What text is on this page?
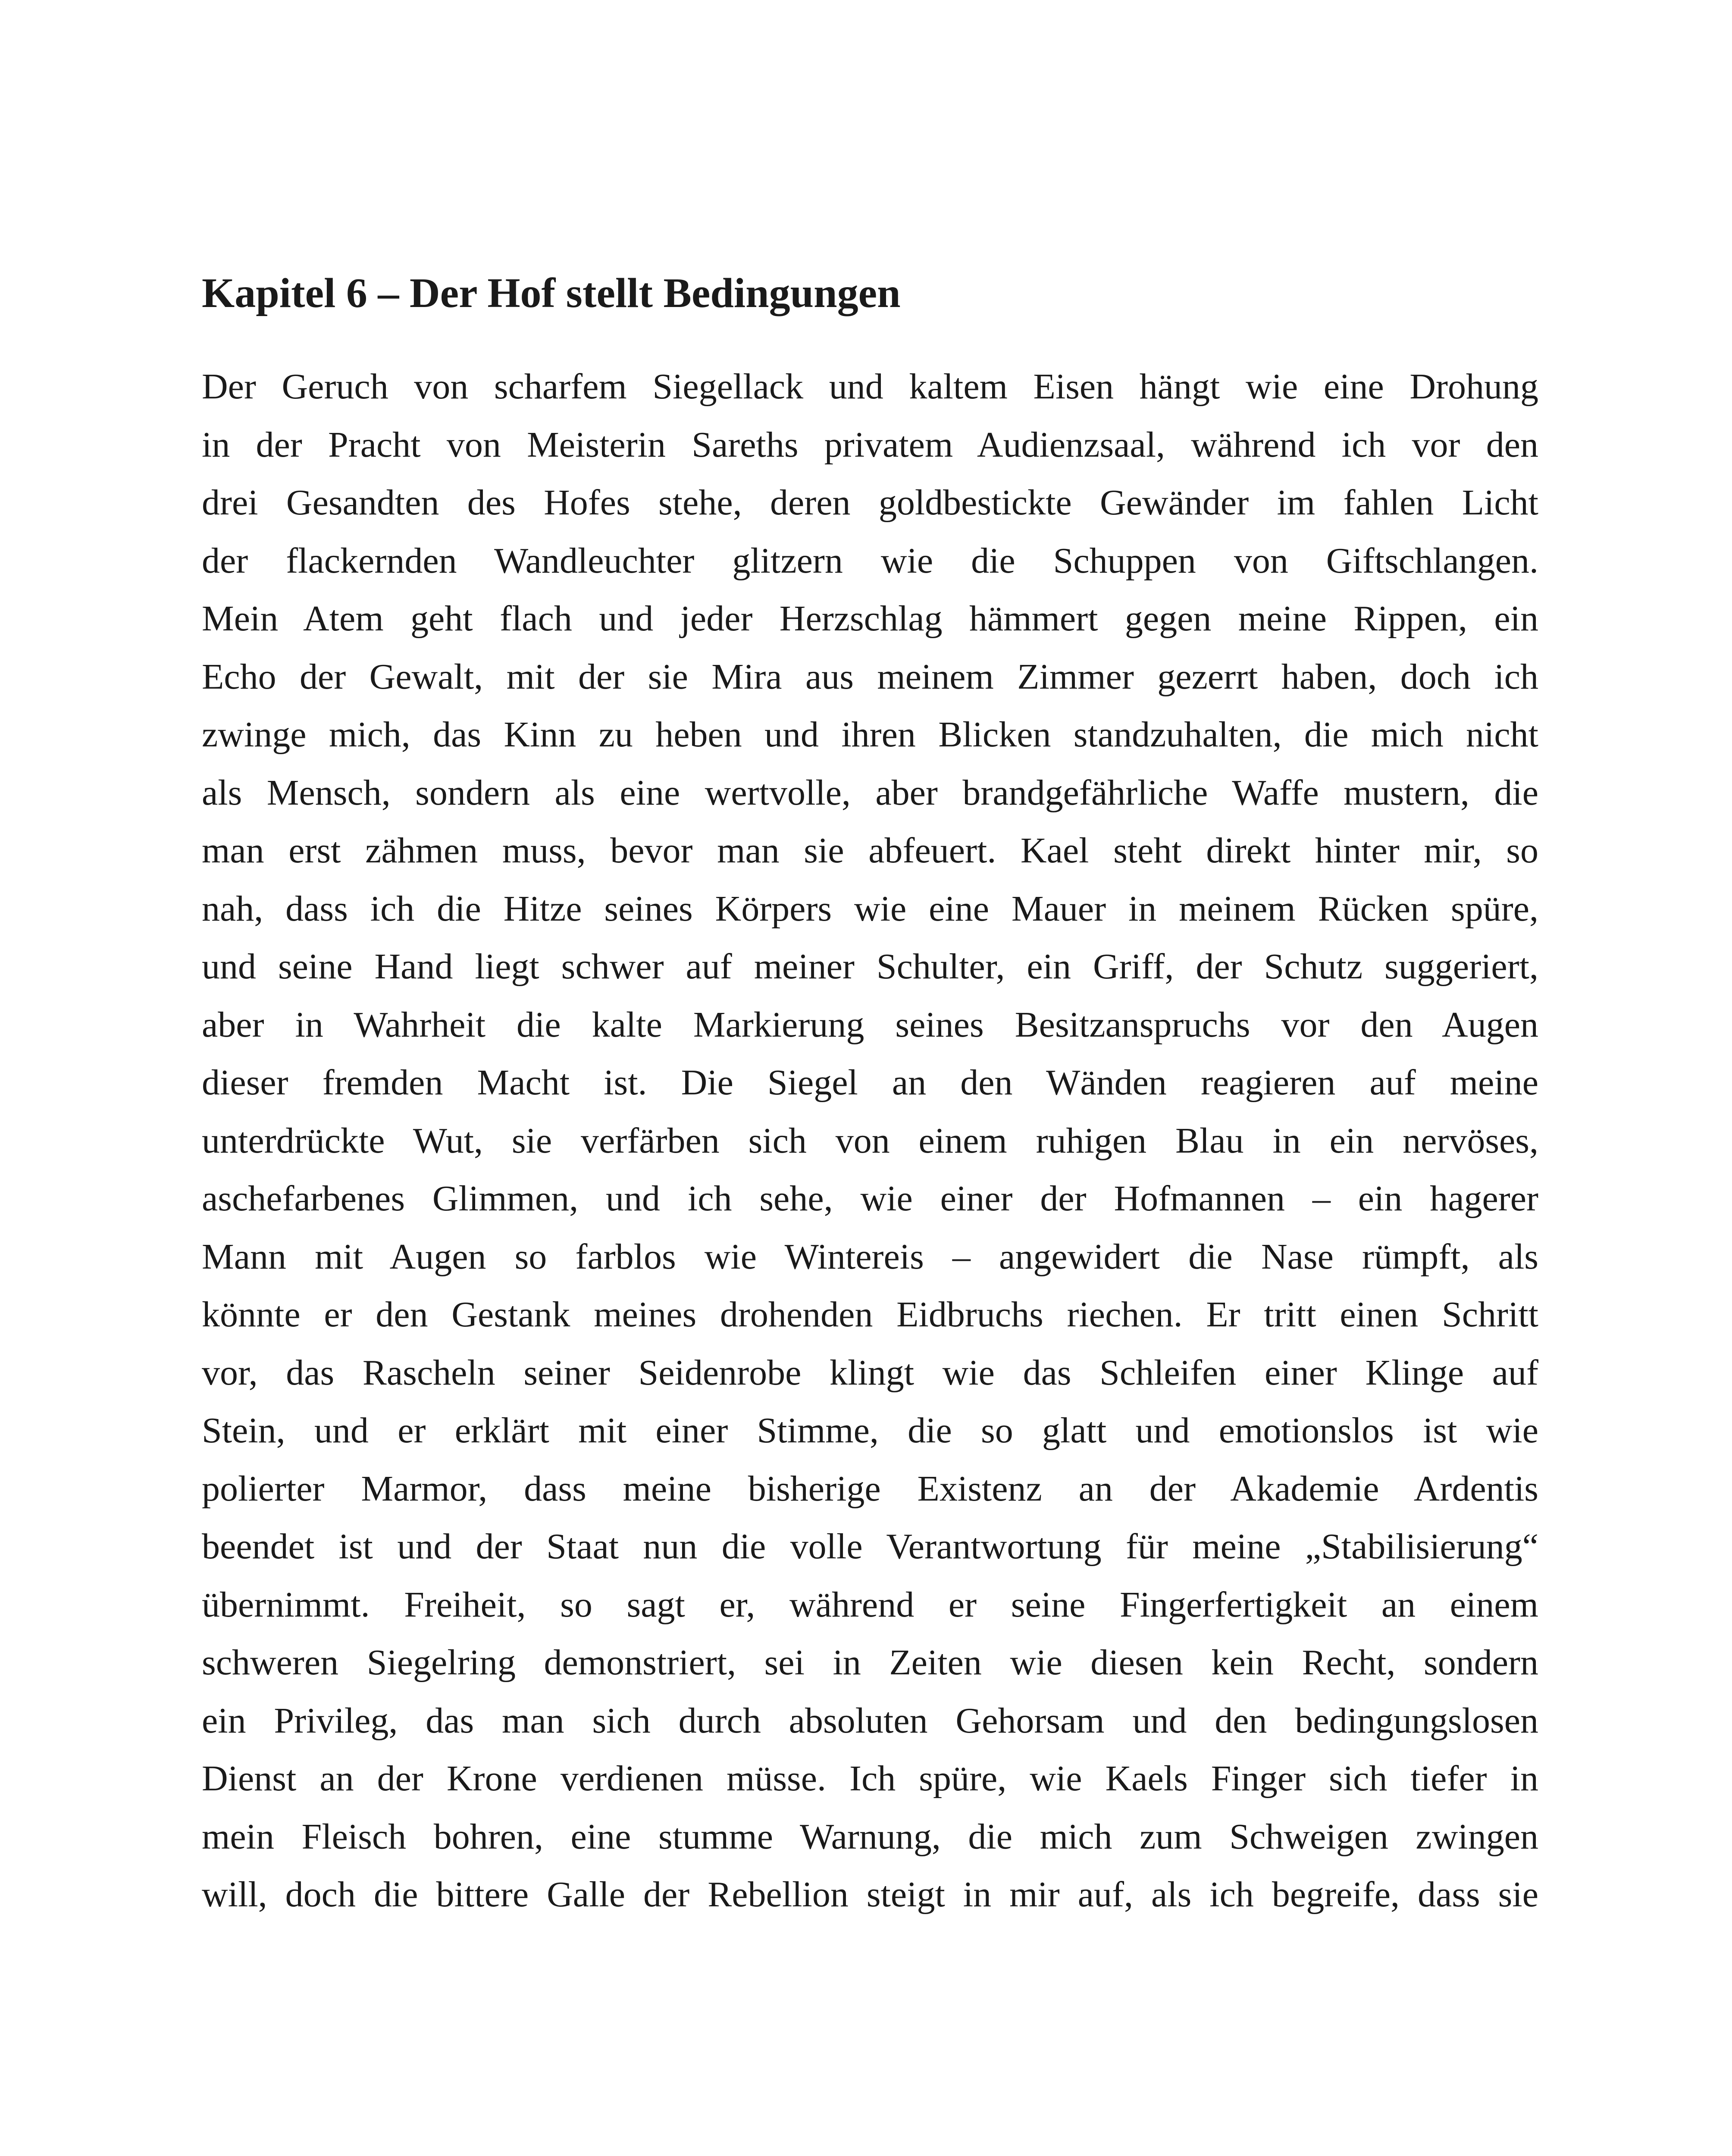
Kapitel 6 – Der Hof stellt Bedingungen
Der Geruch von scharfem Siegellack und kaltem Eisen hängt wie eine Drohung
in der Pracht von Meisterin Sareths privatem Audienzsaal, während ich vor den
drei Gesandten des Hofes stehe, deren goldbestickte Gewänder im fahlen Licht
der flackernden Wandleuchter glitzern wie die Schuppen von Giftschlangen.
Mein Atem geht flach und jeder Herzschlag hämmert gegen meine Rippen, ein
Echo der Gewalt, mit der sie Mira aus meinem Zimmer gezerrt haben, doch ich
zwinge mich, das Kinn zu heben und ihren Blicken standzuhalten, die mich nicht
als Mensch, sondern als eine wertvolle, aber brandgefährliche Waffe mustern, die
man erst zähmen muss, bevor man sie abfeuert. Kael steht direkt hinter mir, so
nah, dass ich die Hitze seines Körpers wie eine Mauer in meinem Rücken spüre,
und seine Hand liegt schwer auf meiner Schulter, ein Griff, der Schutz suggeriert,
aber in Wahrheit die kalte Markierung seines Besitzanspruchs vor den Augen
dieser fremden Macht ist. Die Siegel an den Wänden reagieren auf meine
unterdrückte Wut, sie verfärben sich von einem ruhigen Blau in ein nervöses,
aschefarbenes Glimmen, und ich sehe, wie einer der Hofmannen – ein hagerer
Mann mit Augen so farblos wie Wintereis – angewidert die Nase rümpft, als
könnte er den Gestank meines drohenden Eidbruchs riechen. Er tritt einen Schritt
vor, das Rascheln seiner Seidenrobe klingt wie das Schleifen einer Klinge auf
Stein, und er erklärt mit einer Stimme, die so glatt und emotionslos ist wie
polierter Marmor, dass meine bisherige Existenz an der Akademie Ardentis
beendet ist und der Staat nun die volle Verantwortung für meine „Stabilisierung“
übernimmt. Freiheit, so sagt er, während er seine Fingerfertigkeit an einem
schweren Siegelring demonstriert, sei in Zeiten wie diesen kein Recht, sondern
ein Privileg, das man sich durch absoluten Gehorsam und den bedingungslosen
Dienst an der Krone verdienen müsse. Ich spüre, wie Kaels Finger sich tiefer in
mein Fleisch bohren, eine stumme Warnung, die mich zum Schweigen zwingen
will, doch die bittere Galle der Rebellion steigt in mir auf, als ich begreife, dass sie
